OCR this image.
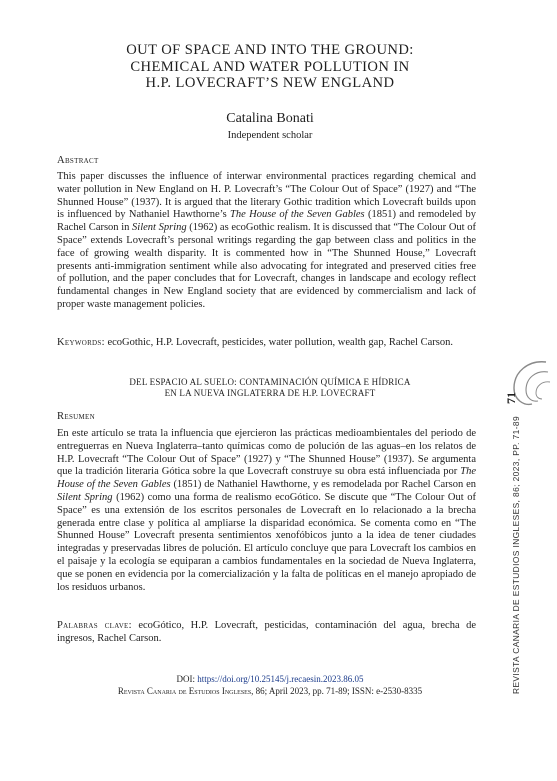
OUT OF SPACE AND INTO THE GROUND:
CHEMICAL AND WATER POLLUTION IN
H.P. LOVECRAFT’S NEW ENGLAND
Catalina Bonati
Independent scholar
Abstract
This paper discusses the influence of interwar environmental practices regarding chemical and water pollution in New England on H. P. Lovecraft’s “The Colour Out of Space” (1927) and “The Shunned House” (1937). It is argued that the literary Gothic tradition which Lovecraft builds upon is influenced by Nathaniel Hawthorne’s The House of the Seven Gables (1851) and remodeled by Rachel Carson in Silent Spring (1962) as ecoGothic realism. It is discussed that “The Colour Out of Space” extends Lovecraft’s personal writings regarding the gap between class and politics in the face of growing wealth disparity. It is commented how in “The Shunned House,” Lovecraft presents anti-immigration sentiment while also advocating for integrated and preserved cities free of pollution, and the paper concludes that for Lovecraft, changes in landscape and ecology reflect fundamental changes in New England society that are evidenced by commercialism and lack of proper waste management policies.
Keywords: ecoGothic, H.P. Lovecraft, pesticides, water pollution, wealth gap, Rachel Carson.
DEL ESPACIO AL SUELO: CONTAMINACIÓN QUÍMICA E HÍDRICA
EN LA NUEVA INGLATERRA DE H.P. LOVECRAFT
Resumen
En este artículo se trata la influencia que ejercieron las prácticas medioambientales del periodo de entreguerras en Nueva Inglaterra–tanto químicas como de polución de las aguas–en los relatos de H.P. Lovecraft “The Colour Out of Space” (1927) y “The Shunned House” (1937). Se argumenta que la tradición literaria Gótica sobre la que Lovecraft construye su obra está influenciada por The House of the Seven Gables (1851) de Nathaniel Hawthorne, y es remodelada por Rachel Carson en Silent Spring (1962) como una forma de realismo ecoGótico. Se discute que “The Colour Out of Space” es una extensión de los escritos personales de Lovecraft en lo relacionado a la brecha generada entre clase y política al ampliarse la disparidad económica. Se comenta como en “The Shunned House” Lovecraft presenta sentimientos xenofóbicos junto a la idea de tener ciudades integradas y preservadas libres de polución. El artículo concluye que para Lovecraft los cambios en el paisaje y la ecología se equiparan a cambios fundamentales en la sociedad de Nueva Inglaterra, que se ponen en evidencia por la comercialización y la falta de políticas en el manejo apropiado de los residuos urbanos.
Palabras clave: ecoGótico, H.P. Lovecraft, pesticidas, contaminación del agua, brecha de ingresos, Rachel Carson.
DOI: https://doi.org/10.25145/j.recaesin.2023.86.05
Revista Canaria de Estudios Ingleses, 86; April 2023, pp. 71-89; ISSN: e-2530-8335
71
REVISTA CANARIA DE ESTUDIOS INGLESES, 86; 2023, PP. 71-89
